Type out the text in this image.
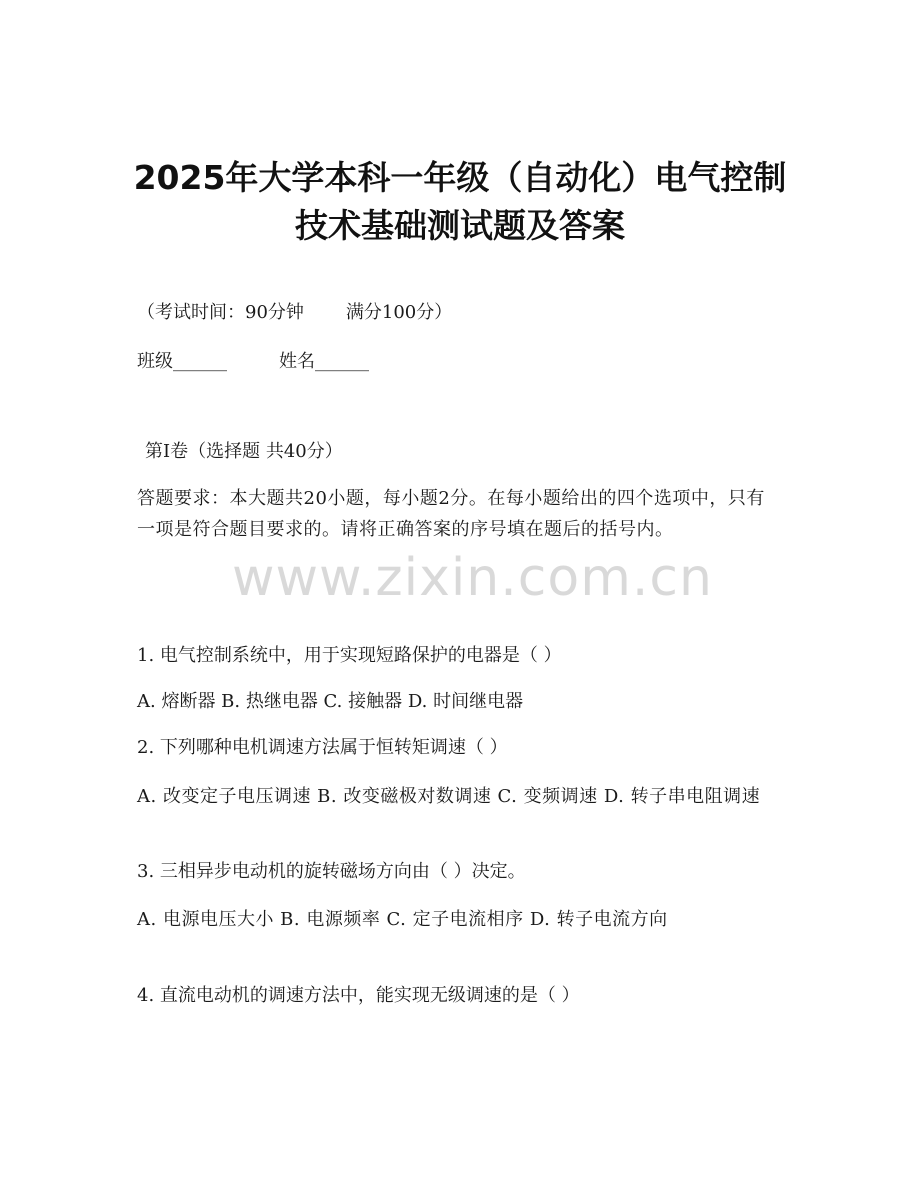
2025年大学本科一年级（自动化）电气控制
技术基础测试题及答案
（考试时间：90分钟 满分100分）
班级______	姓名______
第I卷（选择题 共40分）
答题要求：本大题共20小题，每小题2分。在每小题给出的四个选项中，只有一项是符合题目要求的。请将正确答案的序号填在题后的括号内。
www.zixin.com.cn
1. 电气控制系统中，用于实现短路保护的电器是（ ）
A. 熔断器 B. 热继电器 C. 接触器 D. 时间继电器
2. 下列哪种电机调速方法属于恒转矩调速（ ）
A. 改变定子电压调速 B. 改变磁极对数调速 C. 变频调速 D. 转子串电阻调速
3. 三相异步电动机的旋转磁场方向由（ ）决定。
A. 电源电压大小 B. 电源频率 C. 定子电流相序 D. 转子电流方向
4. 直流电动机的调速方法中，能实现无级调速的是（ ）
